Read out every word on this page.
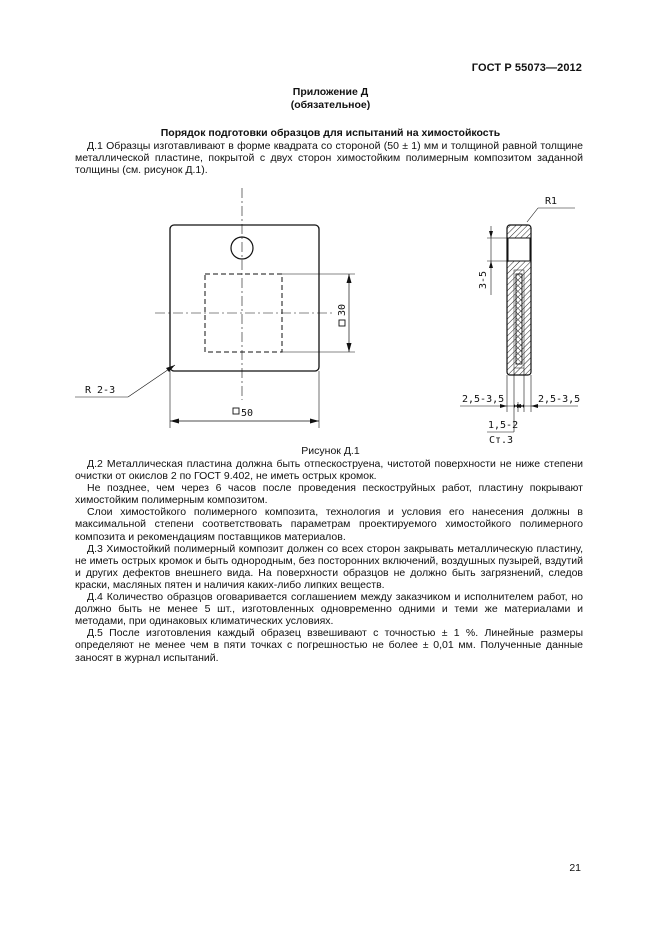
ГОСТ Р 55073—2012
Приложение Д
(обязательное)
Порядок подготовки образцов для испытаний на химостойкость

Д.1 Образцы изготавливают в форме квадрата со стороной (50 ± 1) мм и толщиной равной толщине металлической пластине, покрытой с двух сторон химостойким полимерным композитом заданной толщины (см. рисунок Д.1).

30
50
R 2-3
R1
3-5
2,5-3,5	2,5-3,5
1,5-2
Ст.3
Рисунок Д.1

Д.2 Металлическая пластина должна быть отпескоструена, чистотой поверхности не ниже степени очистки от окислов 2 по ГОСТ 9.402, не иметь острых кромок.

Не позднее, чем через 6 часов после проведения пескоструйных работ, пластину покрывают химостойким полимерным композитом.

Слои химостойкого полимерного композита, технология и условия его нанесения должны в максимальной степени соответствовать параметрам проектируемого химостойкого полимерного композита и рекомендациям поставщиков материалов.

Д.3 Химостойкий полимерный композит должен со всех сторон закрывать металлическую пластину, не иметь острых кромок и быть однородным, без посторонних включений, воздушных пузырей, вздутий и других дефектов внешнего вида. На поверхности образцов не должно быть загрязнений, следов краски, масляных пятен и наличия каких-либо липких веществ.

Д.4 Количество образцов оговаривается соглашением между заказчиком и исполнителем работ, но должно быть не менее 5 шт., изготовленных одновременно одними и теми же материалами и методами, при одинаковых климатических условиях.

Д.5 После изготовления каждый образец взвешивают с точностью ± 1 %. Линейные размеры определяют не менее чем в пяти точках с погрешностью не более ± 0,01 мм. Полученные данные заносят в журнал испытаний.

21
